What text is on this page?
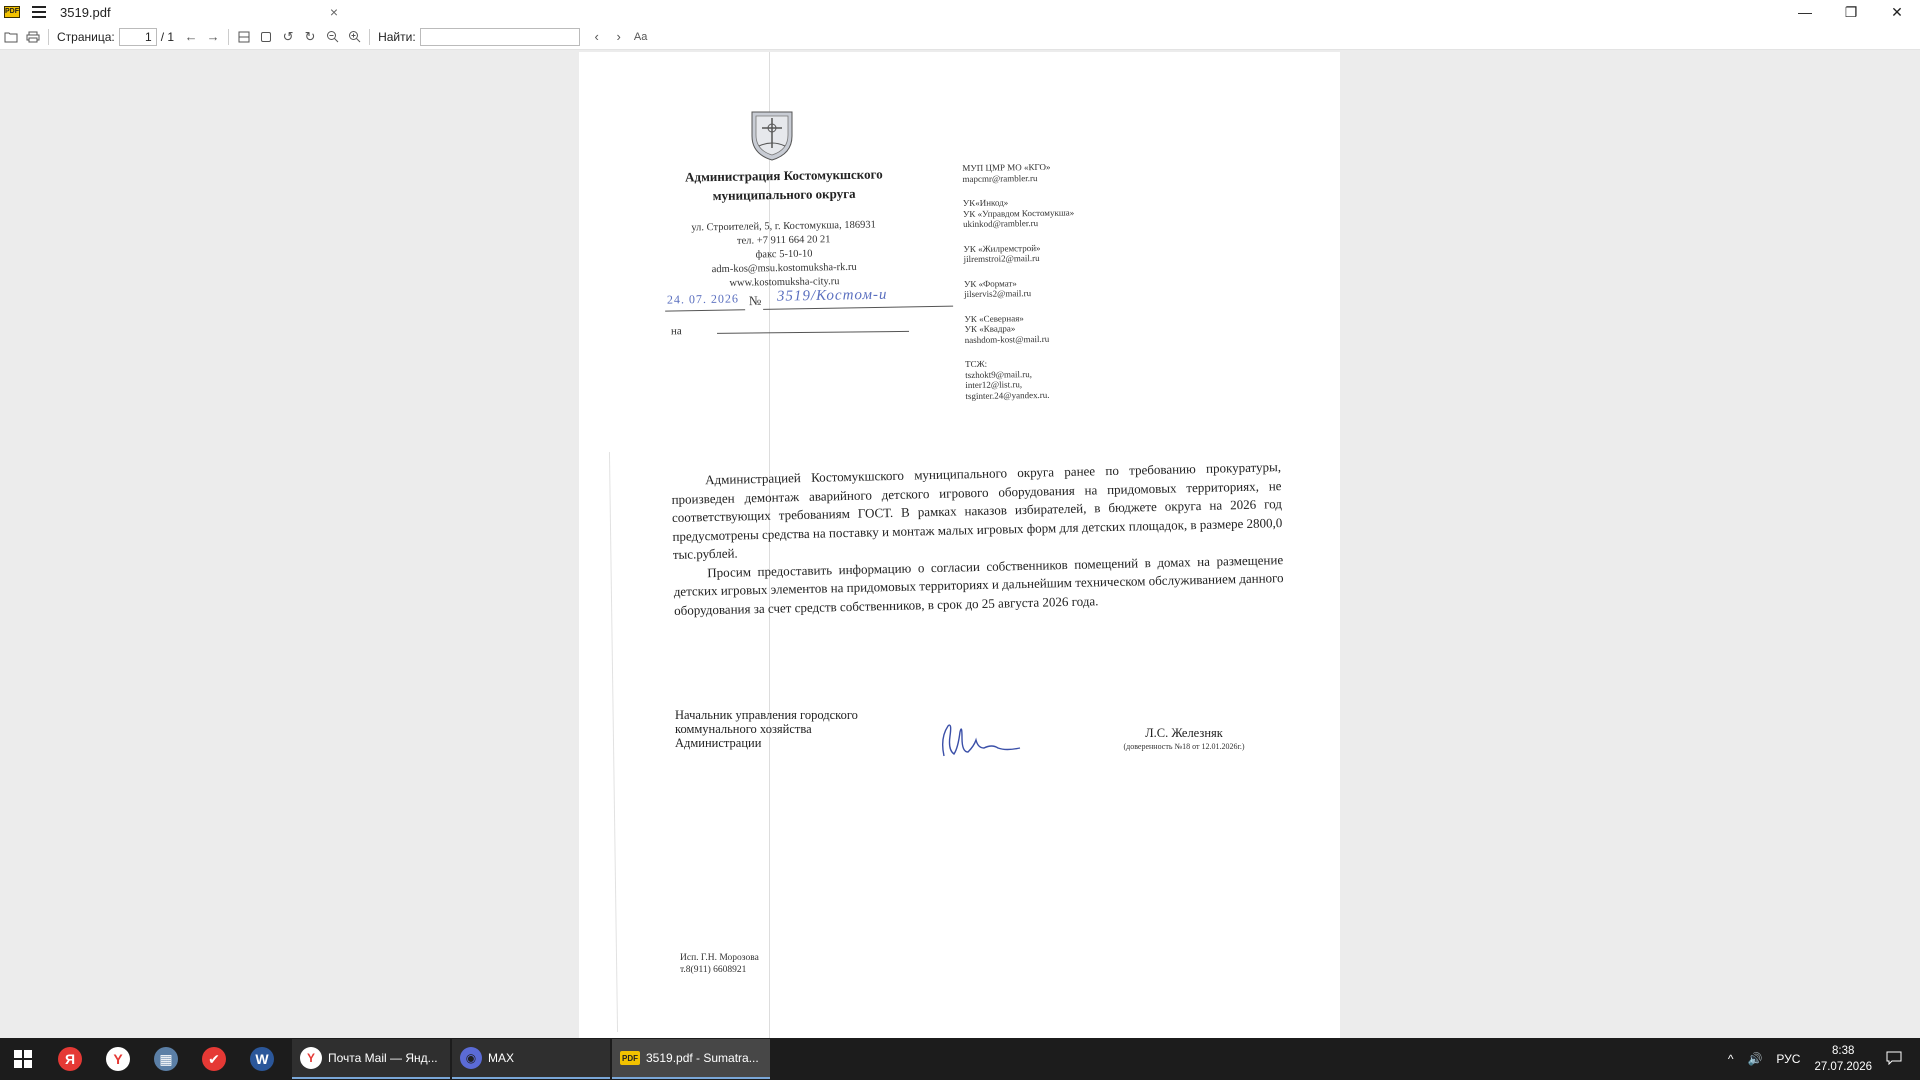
PDF	3519.pdf	×	—	❐	✕
Страница:	1 / 1 ← →	↺ ↻	Найти:	‹	›	Aa
Администрация Костомукшского
муниципального округа
ул. Строителей, 5, г. Костомукша, 186931
тел. +7 911 664 20 21
факс 5-10-10
adm-kos@msu.kostomuksha-rk.ru
www.kostomuksha-city.ru
24. 07. 2026 № 3519/Костом-и
на
МУП ЦМР МО «КГО»
mapcmr@rambler.ru
УК«Инкод»
УК «Управдом Костомукша»
ukinkod@rambler.ru
УК «Жилремстрой»
jilremstroi2@mail.ru
УК «Формат»
jilservis2@mail.ru
УК «Северная»
УК «Квадра»
nashdom-kost@mail.ru
ТСЖ:
tszhokt9@mail.ru,
inter12@list.ru,
tsginter.24@yandex.ru.

Администрацией Костомукшского муниципального округа ранее по требованию прокуратуры, произведен демонтаж аварийного детского игрового оборудования на придомовых территориях, не соответствующих требованиям ГОСТ. В рамках наказов избирателей, в бюджете округа на 2026 год предусмотрены средства на поставку и монтаж малых игровых форм для детских площадок, в размере 2800,0 тыс.рублей.

Просим предоставить информацию о согласии собственников помещений в домах на размещение детских игровых элементов на придомовых территориях и дальнейшим техническом обслуживанием данного оборудования за счет средств собственников, в срок до 25 августа 2026 года.

Начальник управления городского
коммунального хозяйства
Администрации
Л.С. Железняк
(доверенность №18 от 12.01.2026г.)
Исп. Г.Н. Морозова
т.8(911) 6608921
Я	Y	▦	✔	W	Y	Почта Mail — Янд...	◉ MAX	PDF 3519.pdf - Sumatra...	^ 🔊 РУС
8:38
27.07.2026
